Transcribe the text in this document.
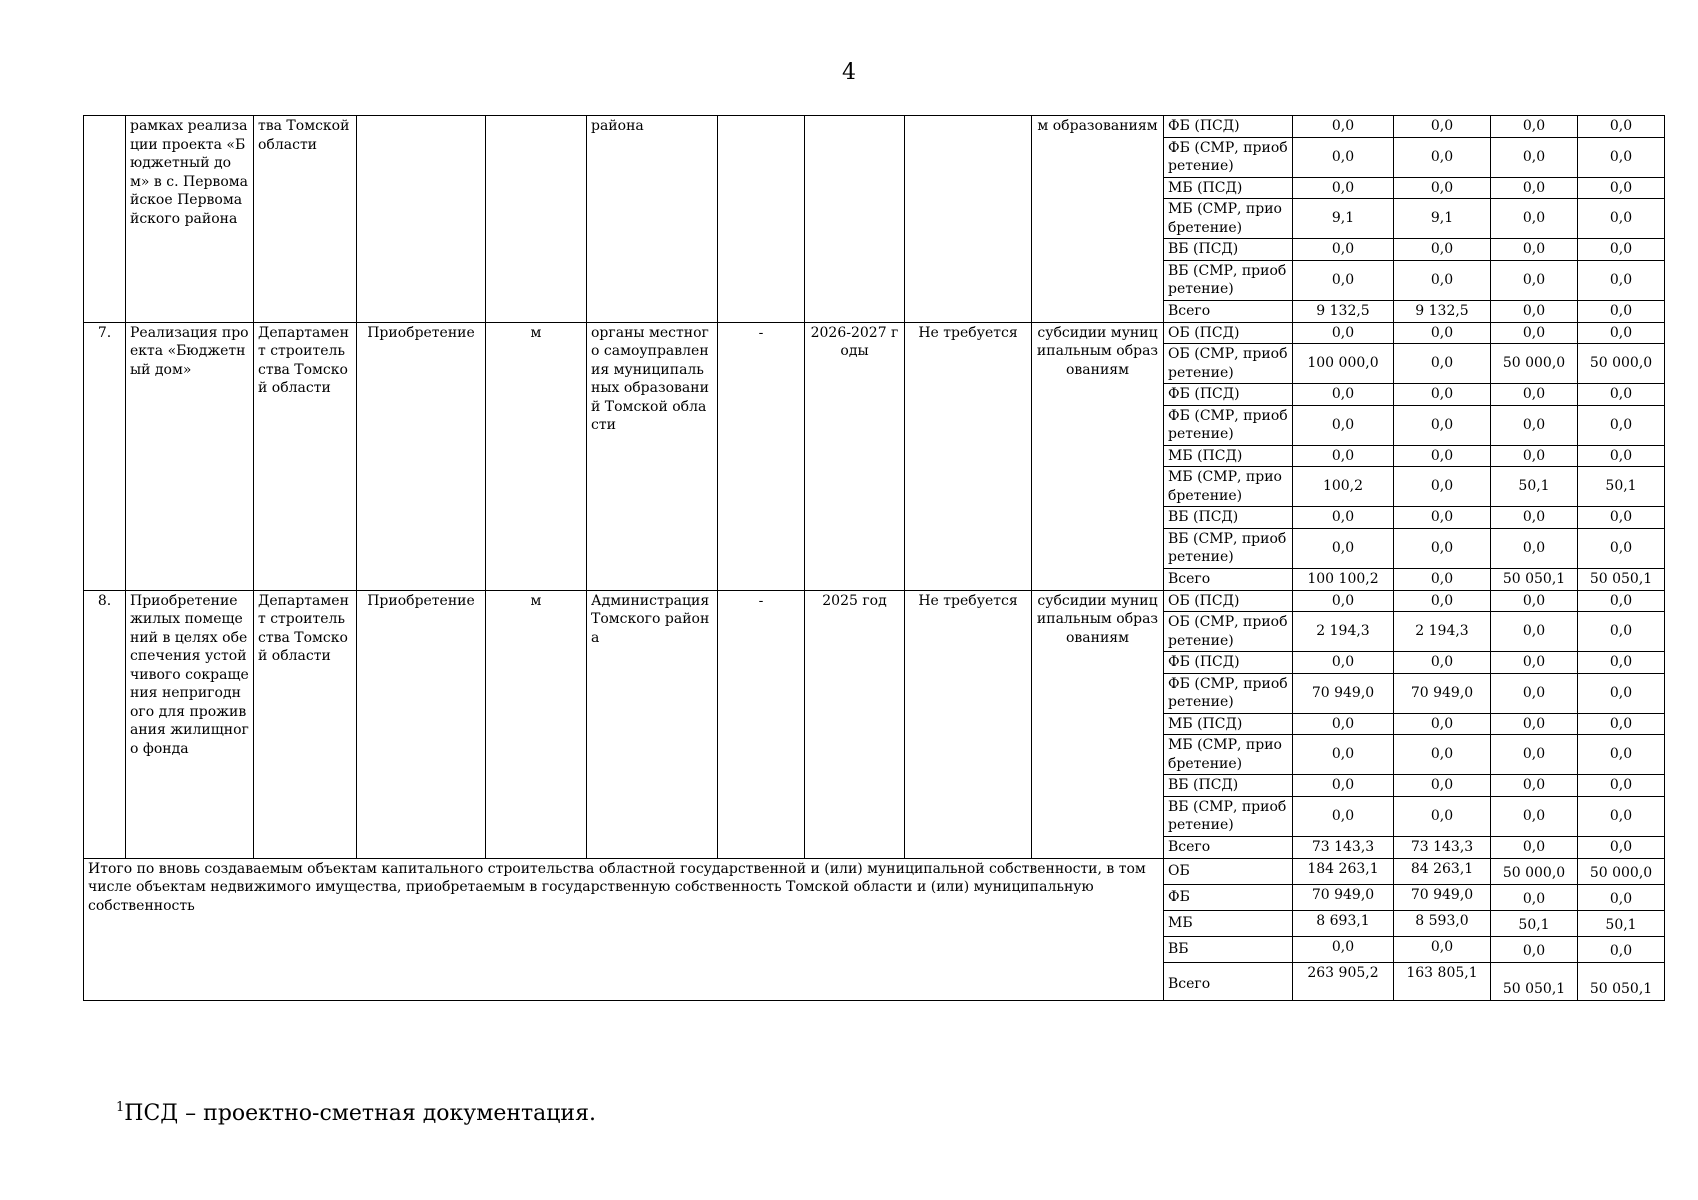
4
	рамках реализации проекта «Бюджетный дом» в с. Первомайское Первомайского района	тва Томской области			района				м образованиям	ФБ (ПСД)	0,0	0,0	0,0	0,0
										ФБ (СМР, приобретение)	0,0	0,0	0,0	0,0
										МБ (ПСД)	0,0	0,0	0,0	0,0
										МБ (СМР, приобретение)	9,1	9,1	0,0	0,0
										ВБ (ПСД)	0,0	0,0	0,0	0,0
										ВБ (СМР, приобретение)	0,0	0,0	0,0	0,0
										Всего	9 132,5	9 132,5	0,0	0,0
7.	Реализация проекта «Бюджетный дом»	Департамент строительства Томской области	Приобретение	м	органы местного самоуправления муниципальных образований Томской области	-	2026-2027 годы	Не требуется	субсидии муниципальным образованиям	ОБ (ПСД)	0,0	0,0	0,0	0,0
										ОБ (СМР, приобретение)	100 000,0	0,0	50 000,0	50 000,0
										ФБ (ПСД)	0,0	0,0	0,0	0,0
										ФБ (СМР, приобретение)	0,0	0,0	0,0	0,0
										МБ (ПСД)	0,0	0,0	0,0	0,0
										МБ (СМР, приобретение)	100,2	0,0	50,1	50,1
										ВБ (ПСД)	0,0	0,0	0,0	0,0
										ВБ (СМР, приобретение)	0,0	0,0	0,0	0,0
										Всего	100 100,2	0,0	50 050,1	50 050,1
8.	Приобретение жилых помещений в целях обеспечения устойчивого сокращения непригодного для проживания жилищного фонда	Департамент строительства Томской области	Приобретение	м	Администрация Томского района	-	2025 год	Не требуется	субсидии муниципальным образованиям	ОБ (ПСД)	0,0	0,0	0,0	0,0
										ОБ (СМР, приобретение)	2 194,3	2 194,3	0,0	0,0
										ФБ (ПСД)	0,0	0,0	0,0	0,0
										ФБ (СМР, приобретение)	70 949,0	70 949,0	0,0	0,0
										МБ (ПСД)	0,0	0,0	0,0	0,0
										МБ (СМР, приобретение)	0,0	0,0	0,0	0,0
										ВБ (ПСД)	0,0	0,0	0,0	0,0
										ВБ (СМР, приобретение)	0,0	0,0	0,0	0,0
										Всего	73 143,3	73 143,3	0,0	0,0
Итого по вновь создаваемым объектам капитального строительства областной государственной и (или) муниципальной собственности, в том числе объектам недвижимого имущества, приобретаемым в государственную собственность Томской области и (или) муниципальную собственность										ОБ	184 263,1	84 263,1	50 000,0	50 000,0
										ФБ	70 949,0	70 949,0	0,0	0,0
										МБ	8 693,1	8 593,0	50,1	50,1
										ВБ	0,0	0,0	0,0	0,0
										Всего	263 905,2	163 805,1	50 050,1	50 050,1
$^1$ПСД – проектно-сметная документация.
